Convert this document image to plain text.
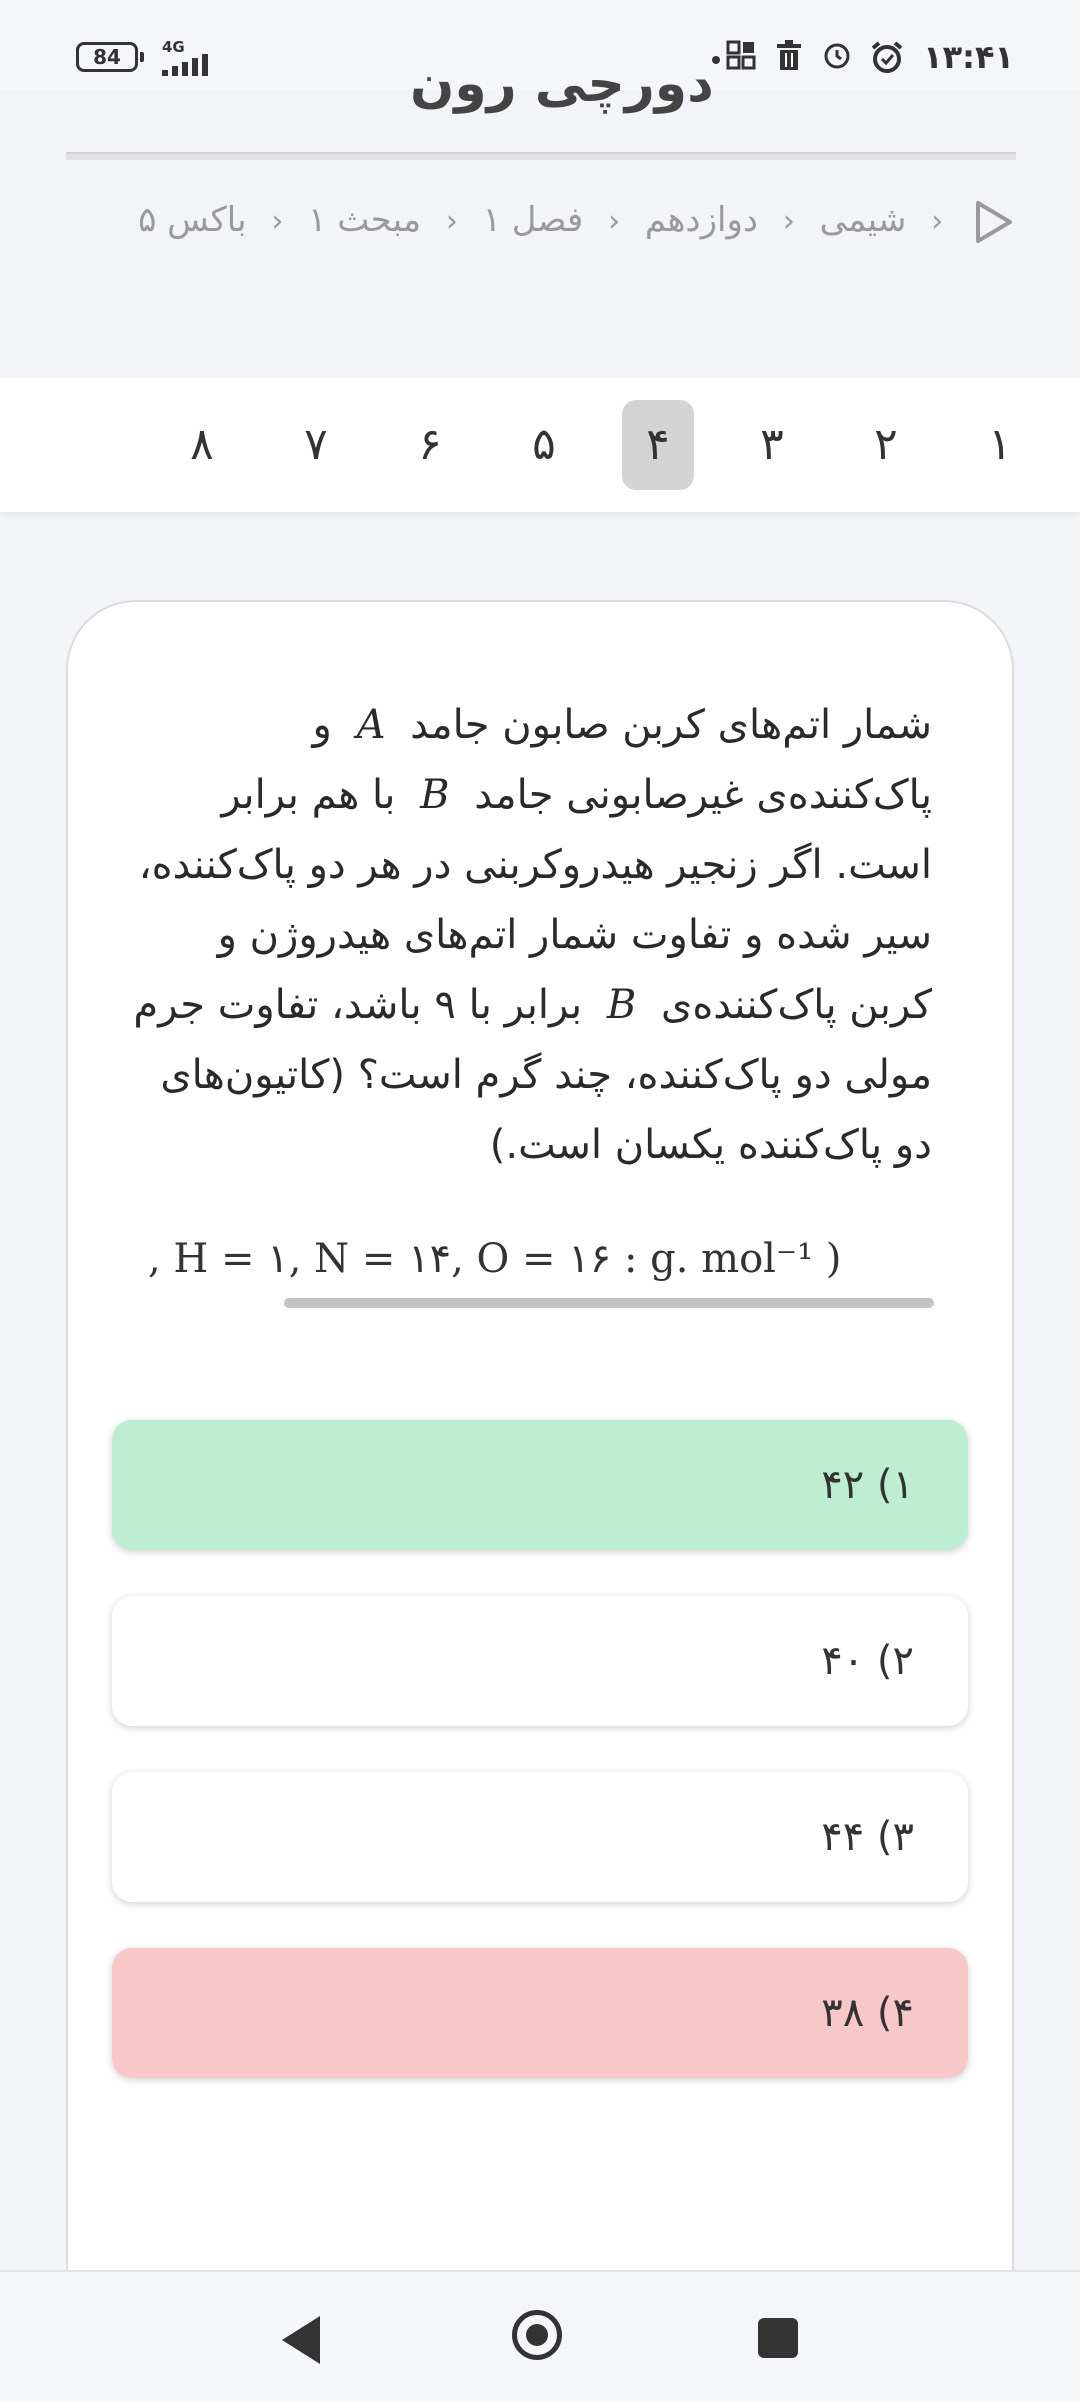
84	4G	۱۳:۴۱
دورچی رون
‹ شیمی ‹ دوازدهم ‹ فصل ۱ ‹ مبحث ۱ ‹ باکس ۵
۱
۲
۳
۴
۵
۶
۷
۸
شمار اتم‌های کربن صابون جامد A و پاک‌کننده‌ی غیرصابونی جامد B با هم برابر است. اگر زنجیر هیدروکربنی در هر دو پاک‌کننده، سیر شده و تفاوت شمار اتم‌های هیدروژن و کربن پاک‌کننده‌ی B برابر با ۹ باشد، تفاوت جرم مولی دو پاک‌کننده، چند گرم است؟ (کاتیون‌های دو پاک‌کننده یکسان است.)
, H = ۱, N = ۱۴, O = ۱۶ : g. mol⁻¹ )
۱) ۴۲
۲) ۴۰
۳) ۴۴
۴) ۳۸
